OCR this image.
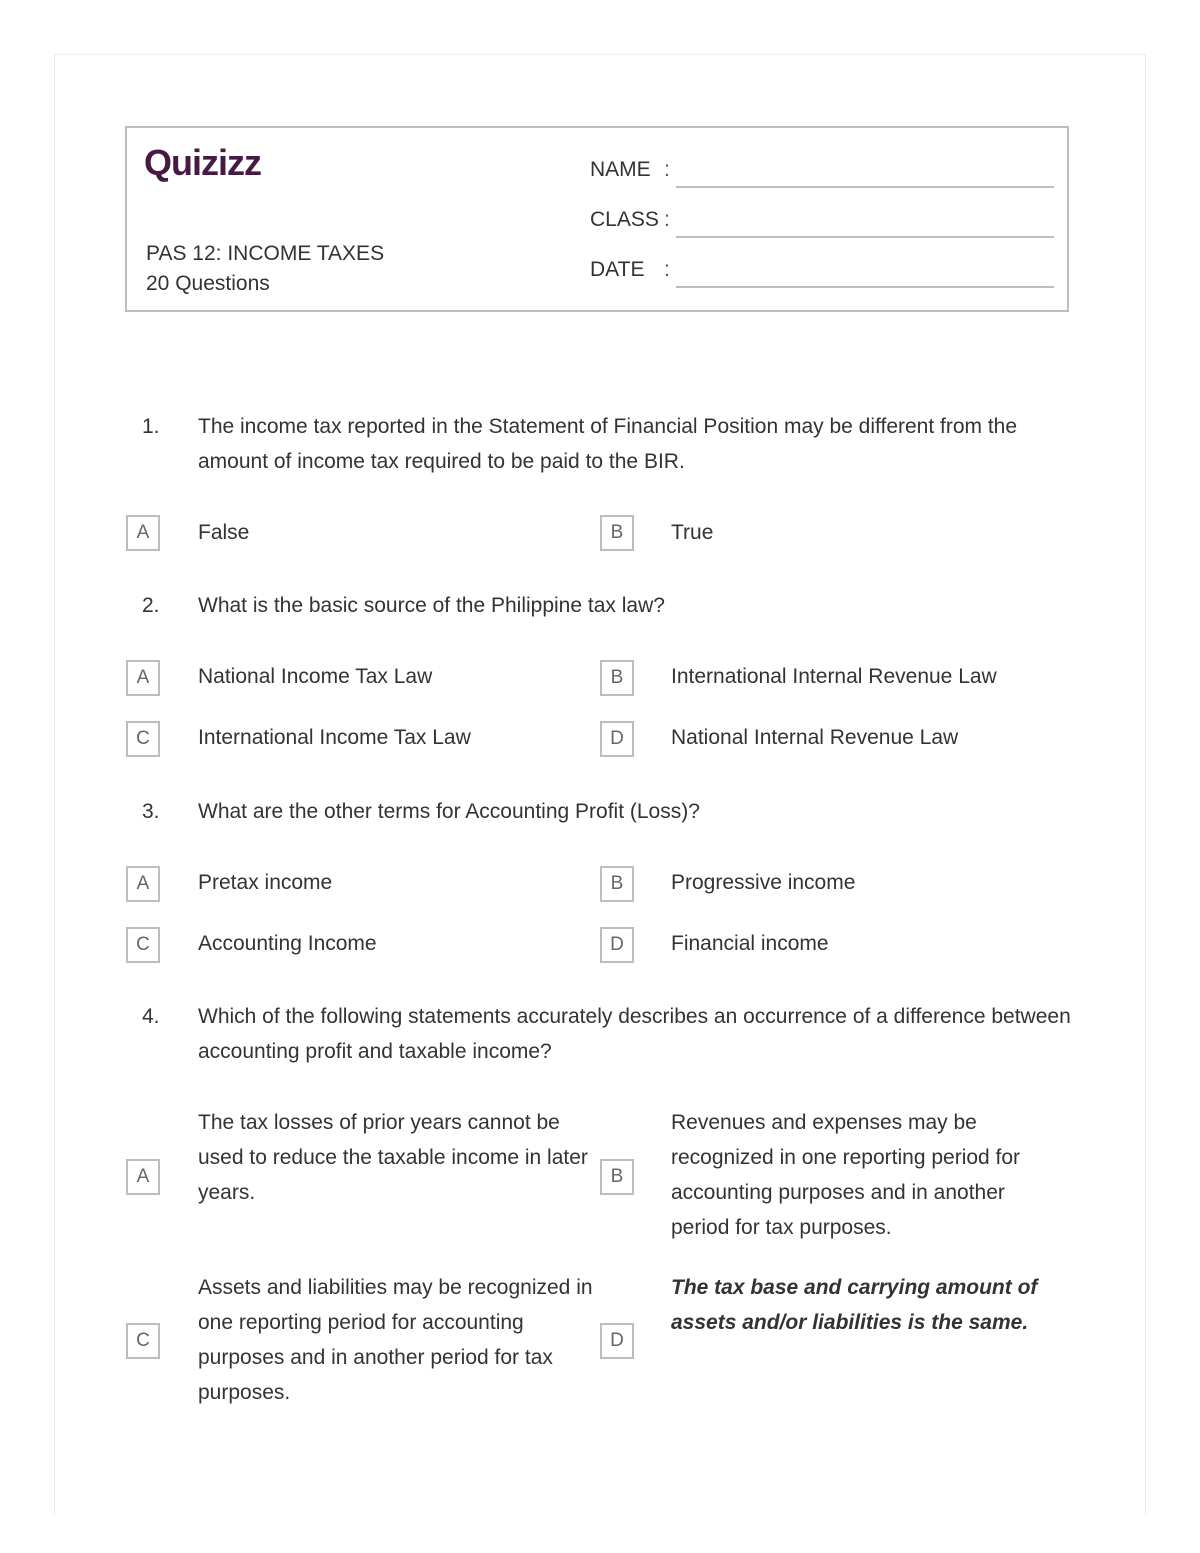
Quizizz
PAS 12: INCOME TAXES
20 Questions
NAME :
CLASS :
DATE :
1. The income tax reported in the Statement of Financial Position may be different from the amount of income tax required to be paid to the BIR.
A	False	B	True
2. What is the basic source of the Philippine tax law?
A	National Income Tax Law	B	International Internal Revenue Law
C	International Income Tax Law	D	National Internal Revenue Law
3. What are the other terms for Accounting Profit (Loss)?
A	Pretax income	B	Progressive income
C	Accounting Income	D	Financial income
4. Which of the following statements accurately describes an occurrence of a difference between accounting profit and taxable income?
A
The tax losses of prior years cannot be used to reduce the taxable income in later years.
B
Revenues and expenses may be recognized in one reporting period for accounting purposes and in another period for tax purposes.
C
Assets and liabilities may be recognized in one reporting period for accounting purposes and in another period for tax purposes.
D
The tax base and carrying amount of assets and/or liabilities is the same.
